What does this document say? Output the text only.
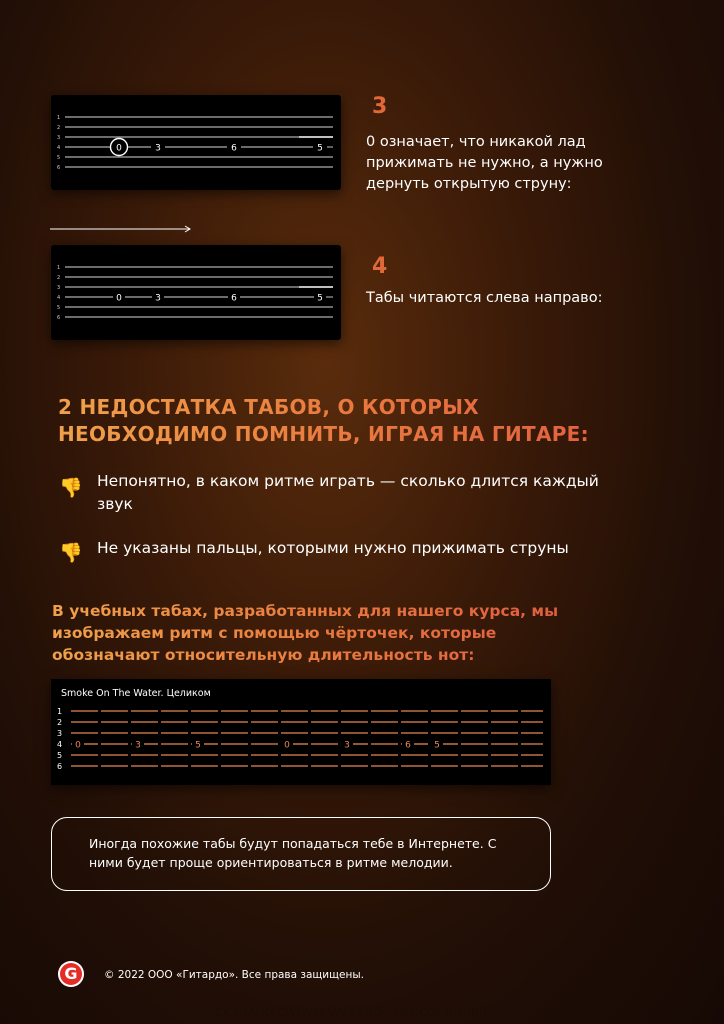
1
2
3
4
5
6
0	3	6	5
3
0 означает, что никакой лад прижимать не нужно, а нужно дернуть открытую струну:
1
2
3
4
5
6
0	3	6	5
4
Табы читаются слева направо:
2 НЕДОСТАТКА ТАБОВ, О КОТОРЫХ
НЕОБХОДИМО ПОМНИТЬ, ИГРАЯ НА ГИТАРЕ:
👎 Непонятно, в каком ритме играть — сколько длится каждый звук
👎 Не указаны пальцы, которыми нужно прижимать струны
В учебных табах, разработанных для нашего курса, мы изображаем ритм с помощью чёрточек, которые обозначают относительную длительность нот:
Smoke On The Water. Целиком
1
2
3
4
5
6
0	3	5	0	3	6	5
Иногда похожие табы будут попадаться тебе в Интернете. С ними будет проще ориентироваться в ритме мелодии.
G	© 2022 ООО «Гитардо». Все права защищены.
СКАЧАНО С WWW.SW.BAND - ПРИСОЕДИНЯЙСЯ!
